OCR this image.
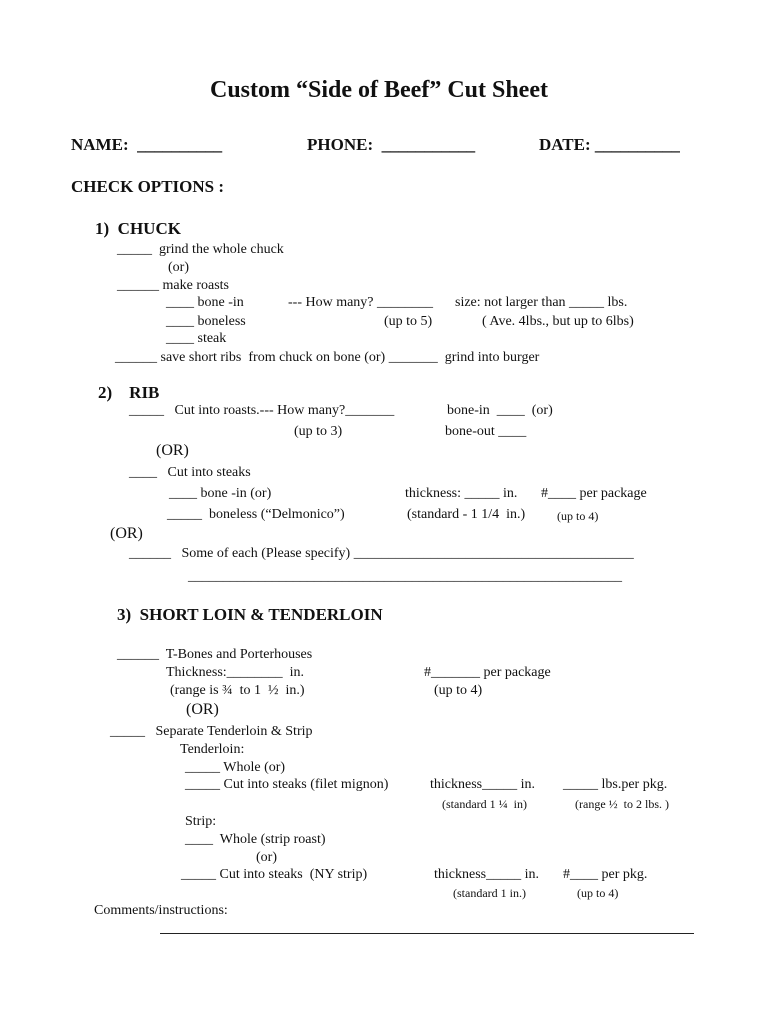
Custom “Side of Beef” Cut Sheet
NAME:  __________	PHONE:  ___________	DATE: __________
CHECK OPTIONS :
1)  CHUCK
_____  grind the whole chuck
(or)
______ make roasts
____ bone -in	--- How many? ________ size: not larger than _____ lbs.
____ boneless	(up to 5)	( Ave. 4lbs., but up to 6lbs)
____ steak
______ save short ribs  from chuck on bone (or) _______  grind into burger
2)    RIB
_____   Cut into roasts.--- How many?_______	bone-in  ____  (or)
(up to 3)	bone-out ____
(OR)
____   Cut into steaks
____ bone -in (or)	thickness: _____ in. #____ per package
_____  boneless (“Delmonico”)	(standard - 1 1/4  in.)	(up to 4)
(OR)
______   Some of each (Please specify) ________________________________________
______________________________________________________________
3)  SHORT LOIN & TENDERLOIN
______  T-Bones and Porterhouses
Thickness:________  in.	#_______ per package
(range is ¾  to 1  ½  in.)	(up to 4)
(OR)
_____   Separate Tenderloin & Strip
Tenderloin:
_____ Whole (or)
_____ Cut into steaks (filet mignon)	thickness_____ in. _____ lbs.per pkg.
(standard 1 ¼  in)	(range ½  to 2 lbs. )
Strip:
____  Whole (strip roast)
(or)
_____ Cut into steaks  (NY strip)	thickness_____ in. #____ per pkg.
(standard 1 in.)	(up to 4)
Comments/instructions:
